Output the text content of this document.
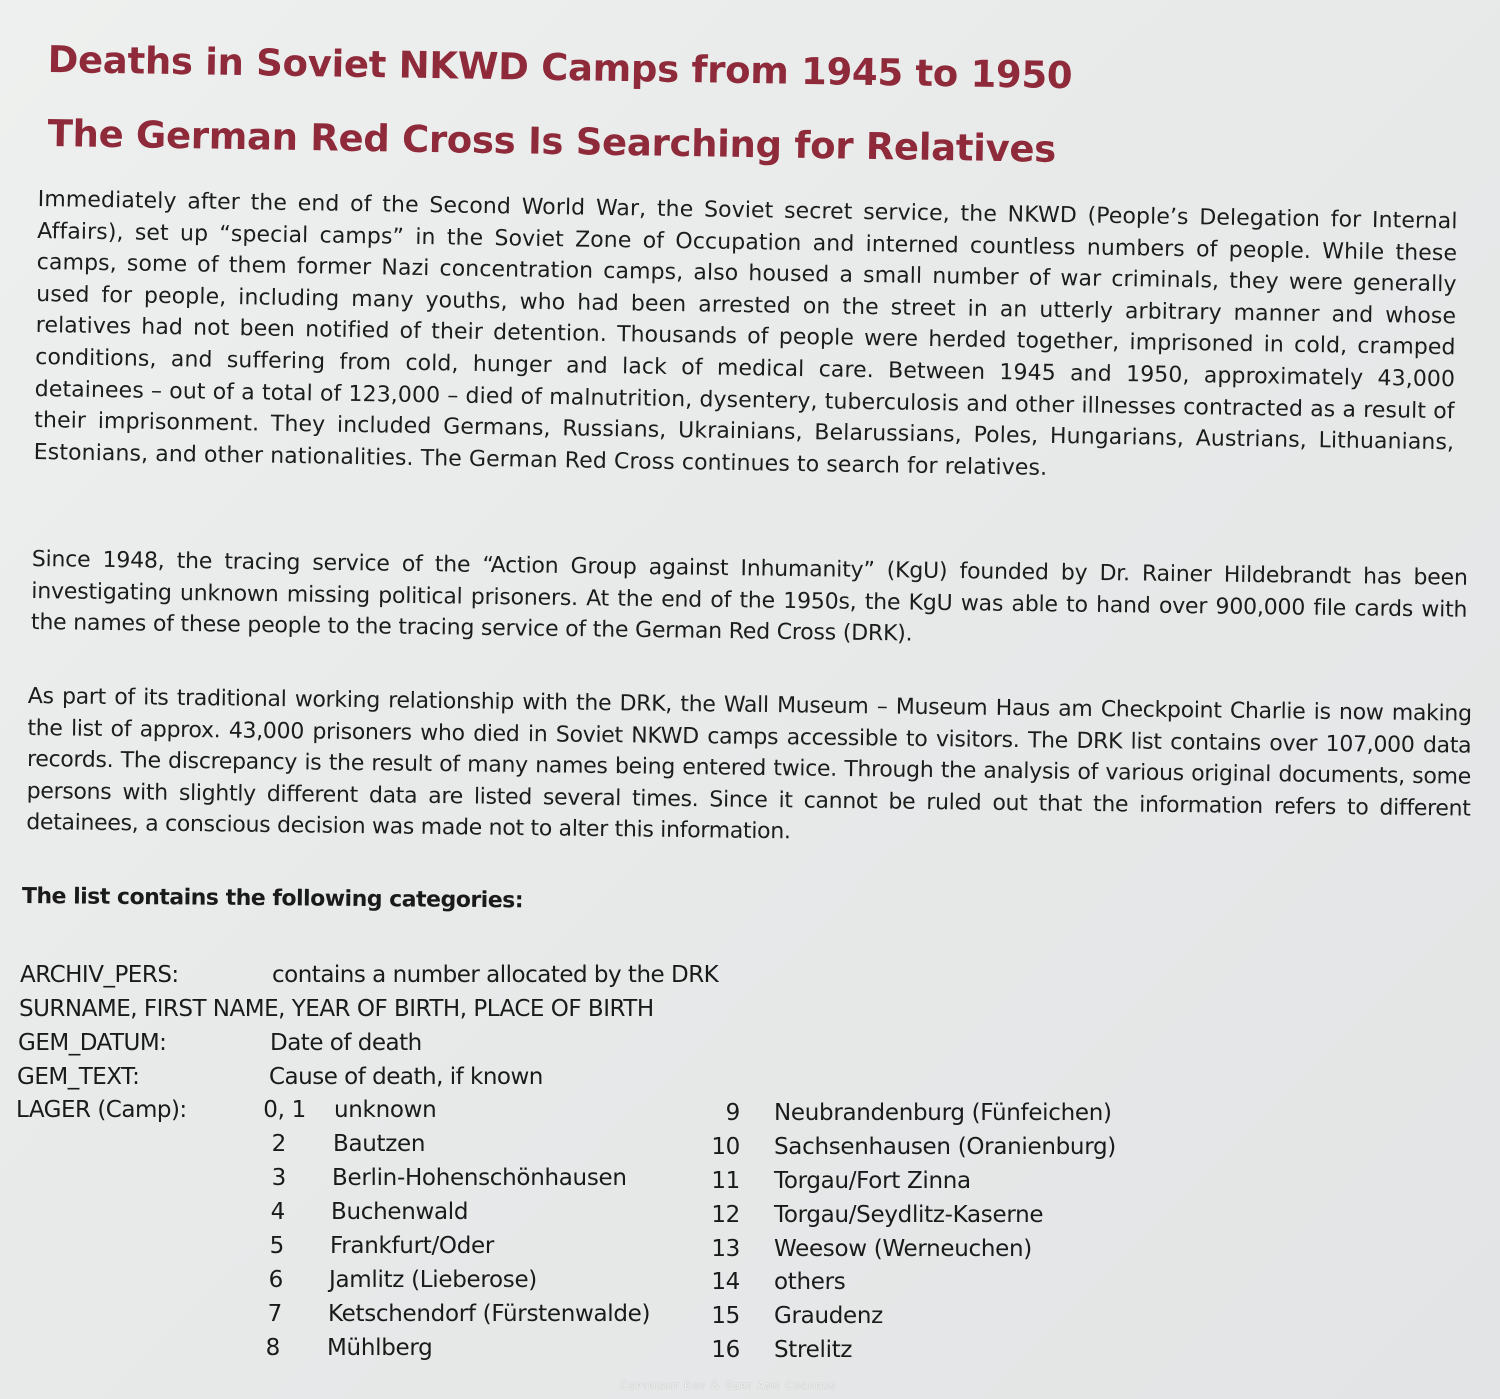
Deaths in Soviet NKWD Camps from 1945 to 1950
The German Red Cross Is Searching for Relatives

Immediately after the end of the Second World War, the Soviet secret service, the NKWD (People’s Delegation for Internal Affairs), set up “special camps” in the Soviet Zone of Occupation and interned countless numbers of people. While these camps, some of them former Nazi concentration camps, also housed a small number of war criminals, they were generally used for people, including many youths, who had been arrested on the street in an utterly arbitrary manner and whose relatives had not been notified of their detention. Thousands of people were herded together, imprisoned in cold, cramped conditions, and suffering from cold, hunger and lack of medical care. Between 1945 and 1950, approximately 43,000 detainees – out of a total of 123,000 – died of malnutrition, dysentery, tuberculosis and other illnesses contracted as a result of their imprisonment. They included Germans, Russians, Ukrainians, Belarussians, Poles, Hungarians, Austrians, Lithuanians, Estonians, and other nationalities. The German Red Cross continues to search for relatives.

Since 1948, the tracing service of the “Action Group against Inhumanity” (KgU) founded by Dr. Rainer Hildebrandt has been investigating unknown missing political prisoners. At the end of the 1950s, the KgU was able to hand over 900,000 file cards with the names of these people to the tracing service of the German Red Cross (DRK).

As part of its traditional working relationship with the DRK, the Wall Museum – Museum Haus am Checkpoint Charlie is now making the list of approx. 43,000 prisoners who died in Soviet NKWD camps accessible to visitors. The DRK list contains over 107,000 data records. The discrepancy is the result of many names being entered twice. Through the analysis of various original documents, some persons with slightly different data are listed several times. Since it cannot be ruled out that the information refers to different detainees, a conscious decision was made not to alter this information.

The list contains the following categories:
ARCHIV_PERS:	contains a number allocated by the DRK
SURNAME, FIRST NAME, YEAR OF BIRTH, PLACE OF BIRTH
GEM_DATUM:	Date of death
GEM_TEXT:	Cause of death, if known
LAGER (Camp):	0, 1 unknown
2 Bautzen
3 Berlin-Hohenschönhausen
4 Buchenwald
5 Frankfurt/Oder
6 Jamlitz (Lieberose)
7 Ketschendorf (Fürstenwalde)
8 Mühlberg
9 Neubrandenburg (Fünfeichen)
10 Sachsenhausen (Oranienburg)
11 Torgau/Fort Zinna
12 Torgau/Seydlitz-Kaserne
13 Weesow (Werneuchen)
14 others
15 Graudenz
16 Strelitz
Copyright Roy & Bert Ann Cochrun
